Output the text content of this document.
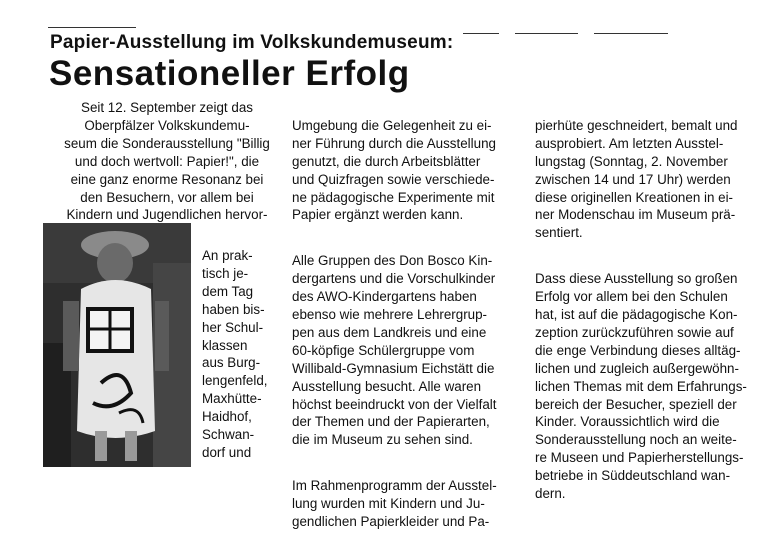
Papier-Ausstellung im Volkskundemuseum:
Sensationeller Erfolg
Seit 12. September zeigt das
Oberpfälzer Volkskundemu-
seum die Sonderausstellung "Billig
und doch wertvoll: Papier!", die
eine ganz enorme Resonanz bei
den Besuchern, vor allem bei
Kindern und Jugendlichen hervor-

An prak-
tisch je-
dem Tag
haben bis-
her Schul-
klassen
aus Burg-
lengenfeld,
Maxhütte-
Haidhof,
Schwan-
dorf und

Umgebung die Gelegenheit zu ei-
ner Führung durch die Ausstellung
genutzt, die durch Arbeitsblätter
und Quizfragen sowie verschiede-
ne pädagogische Experimente mit
Papier ergänzt werden kann.

Alle Gruppen des Don Bosco Kin-
dergartens und die Vorschulkinder
des AWO-Kindergartens haben
ebenso wie mehrere Lehrergrup-
pen aus dem Landkreis und eine
60-köpfige Schülergruppe vom
Willibald-Gymnasium Eichstätt die
Ausstellung besucht. Alle waren
höchst beeindruckt von der Vielfalt
der Themen und der Papierarten,
die im Museum zu sehen sind.

Im Rahmenprogramm der Ausstel-
lung wurden mit Kindern und Ju-
gendlichen Papierkleider und Pa-

pierhüte geschneidert, bemalt und
ausprobiert. Am letzten Ausstel-
lungstag (Sonntag, 2. November
zwischen 14 und 17 Uhr) werden
diese originellen Kreationen in ei-
ner Modenschau im Museum prä-
sentiert.

Dass diese Ausstellung so großen
Erfolg vor allem bei den Schulen
hat, ist auf die pädagogische Kon-
zeption zurückzuführen sowie auf
die enge Verbindung dieses alltäg-
lichen und zugleich außergewöhn-
lichen Themas mit dem Erfahrungs-
bereich der Besucher, speziell der
Kinder. Voraussichtlich wird die
Sonderausstellung noch an weite-
re Museen und Papierherstellungs-
betriebe in Süddeutschland wan-
dern.
